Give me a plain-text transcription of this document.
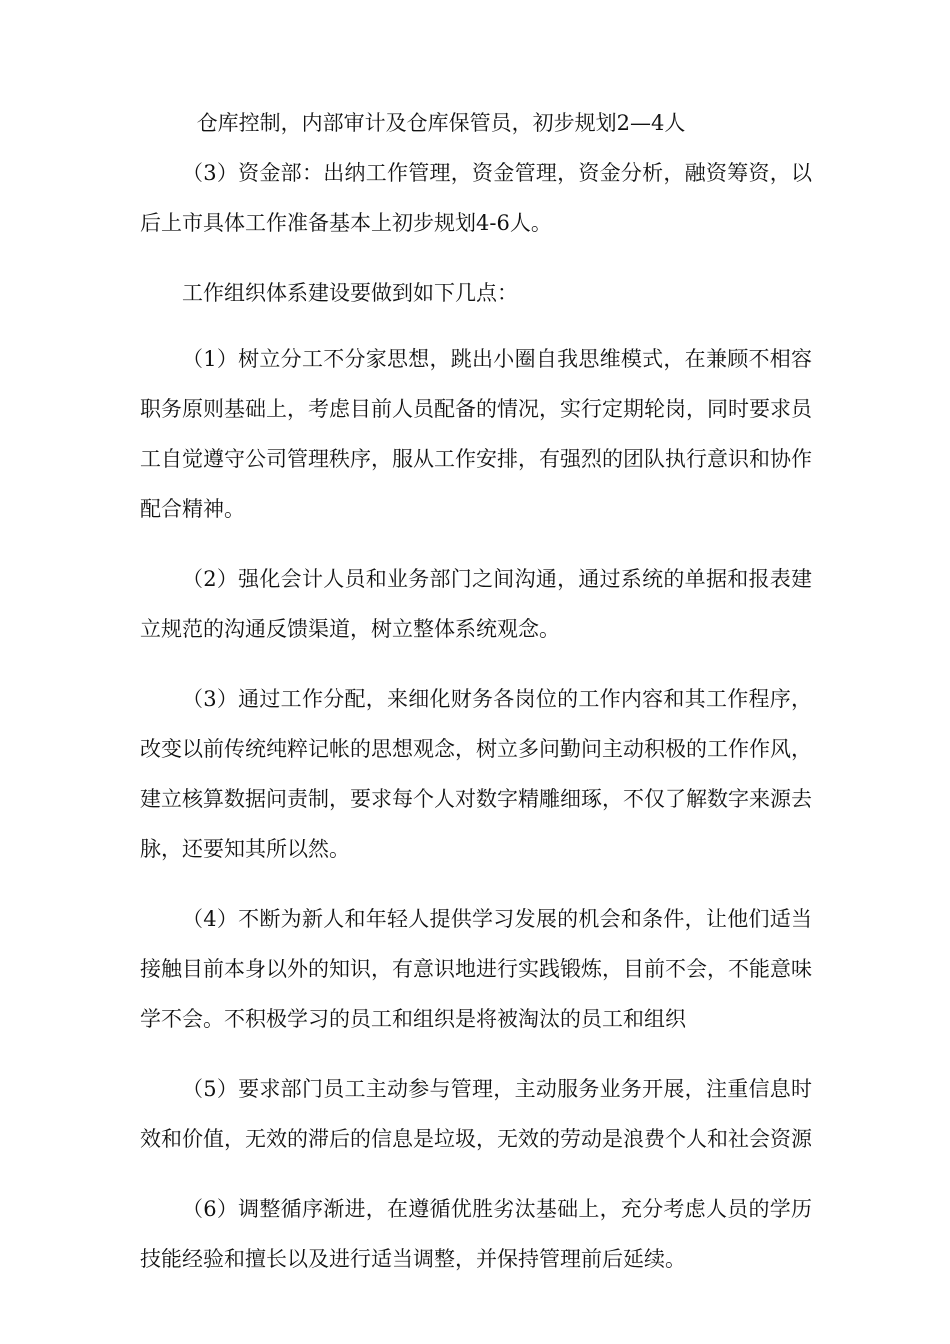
仓库控制，内部审计及仓库保管员，初步规划2—4人

（3）资金部：出纳工作管理，资金管理，资金分析，融资筹资，以后上市具体工作准备基本上初步规划4-6人。

工作组织体系建设要做到如下几点：

（1）树立分工不分家思想，跳出小圈自我思维模式，在兼顾不相容职务原则基础上，考虑目前人员配备的情况，实行定期轮岗，同时要求员工自觉遵守公司管理秩序，服从工作安排，有强烈的团队执行意识和协作配合精神。

（2）强化会计人员和业务部门之间沟通，通过系统的单据和报表建立规范的沟通反馈渠道，树立整体系统观念。

（3）通过工作分配，来细化财务各岗位的工作内容和其工作程序，改变以前传统纯粹记帐的思想观念，树立多问勤问主动积极的工作作风，建立核算数据问责制，要求每个人对数字精雕细琢，不仅了解数字来源去脉，还要知其所以然。

（4）不断为新人和年轻人提供学习发展的机会和条件，让他们适当接触目前本身以外的知识，有意识地进行实践锻炼，目前不会，不能意味学不会。不积极学习的员工和组织是将被淘汰的员工和组织

（5）要求部门员工主动参与管理，主动服务业务开展，注重信息时效和价值，无效的滞后的信息是垃圾，无效的劳动是浪费个人和社会资源

（6）调整循序渐进，在遵循优胜劣汰基础上，充分考虑人员的学历技能经验和擅长以及进行适当调整，并保持管理前后延续。
